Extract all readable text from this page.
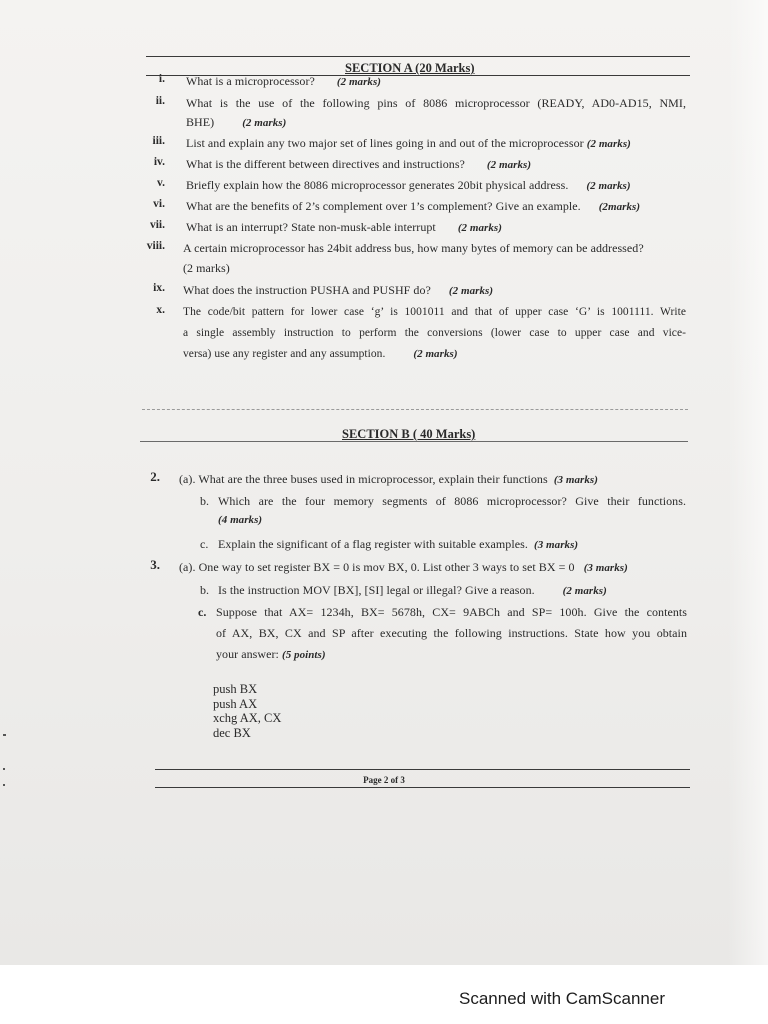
SECTION A (20 Marks)
i. What is a microprocessor? (2 marks)
ii. What is the use of the following pins of 8086 microprocessor (READY, AD0-AD15, NMI,
BHE)	(2 marks)
iii. List and explain any two major set of lines going in and out of the microprocessor (2 marks)
iv. What is the different between directives and instructions? (2 marks)
v. Briefly explain how the 8086 microprocessor generates 20bit physical address. (2 marks)
vi. What are the benefits of 2’s complement over 1’s complement? Give an example. (2marks)
vii. What is an interrupt? State non-musk-able interrupt (2 marks)
viii. A certain microprocessor has 24bit address bus, how many bytes of memory can be addressed?
(2 marks)
ix. What does the instruction PUSHA and PUSHF do? (2 marks)
x. The code/bit pattern for lower case ‘g’ is 1001011 and that of upper case ‘G’ is 1001111. Write
a single assembly instruction to perform the conversions (lower case to upper case and vice-
versa) use any register and any assumption.	(2 marks)
SECTION B ( 40 Marks)
2. (a). What are the three buses used in microprocessor, explain their functions (3 marks)
b. Which are the four memory segments of 8086 microprocessor? Give their functions.
(4 marks)
c. Explain the significant of a flag register with suitable examples. (3 marks)
3. (a). One way to set register BX = 0 is mov BX, 0. List other 3 ways to set BX = 0 (3 marks)
b. Is the instruction MOV [BX], [SI] legal or illegal? Give a reason.	(2 marks)
c. Suppose that AX= 1234h, BX= 5678h, CX= 9ABCh and SP= 100h. Give the contents
of AX, BX, CX and SP after executing the following instructions. State how you obtain
your answer: (5 points)
push BX
push AX
xchg AX, CX
dec BX
Page 2 of 3
Scanned with CamScanner
